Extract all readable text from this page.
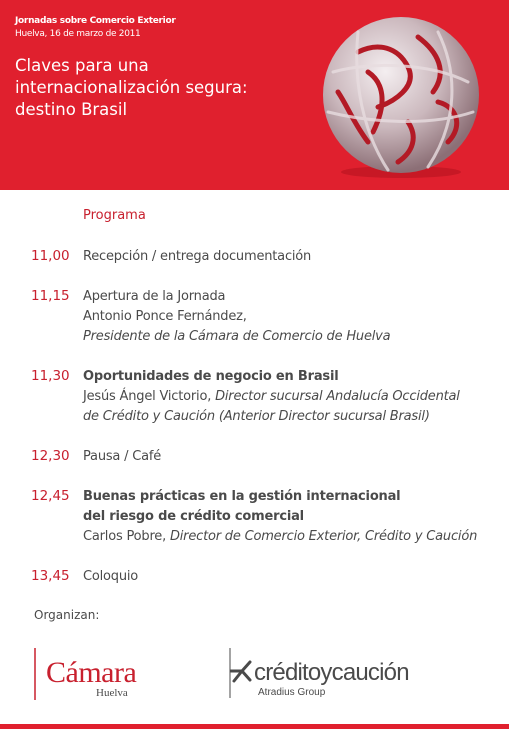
Jornadas sobre Comercio Exterior
Huelva, 16 de marzo de 2011
Claves para una
internacionalización segura:
destino Brasil
Programa
11,00 Recepción / entrega documentación
11,15 Apertura de la Jornada
Antonio Ponce Fernández,
Presidente de la Cámara de Comercio de Huelva
11,30 Oportunidades de negocio en Brasil
Jesús Ángel Victorio, Director sucursal Andalucía Occidental
de Crédito y Caución (Anterior Director sucursal Brasil)
12,30 Pausa / Café
12,45 Buenas prácticas en la gestión internacional
del riesgo de crédito comercial
Carlos Pobre, Director de Comercio Exterior, Crédito y Caución
13,45 Coloquio
Organizan:
Cámara
Huelva
créditoycaución
Atradius Group
